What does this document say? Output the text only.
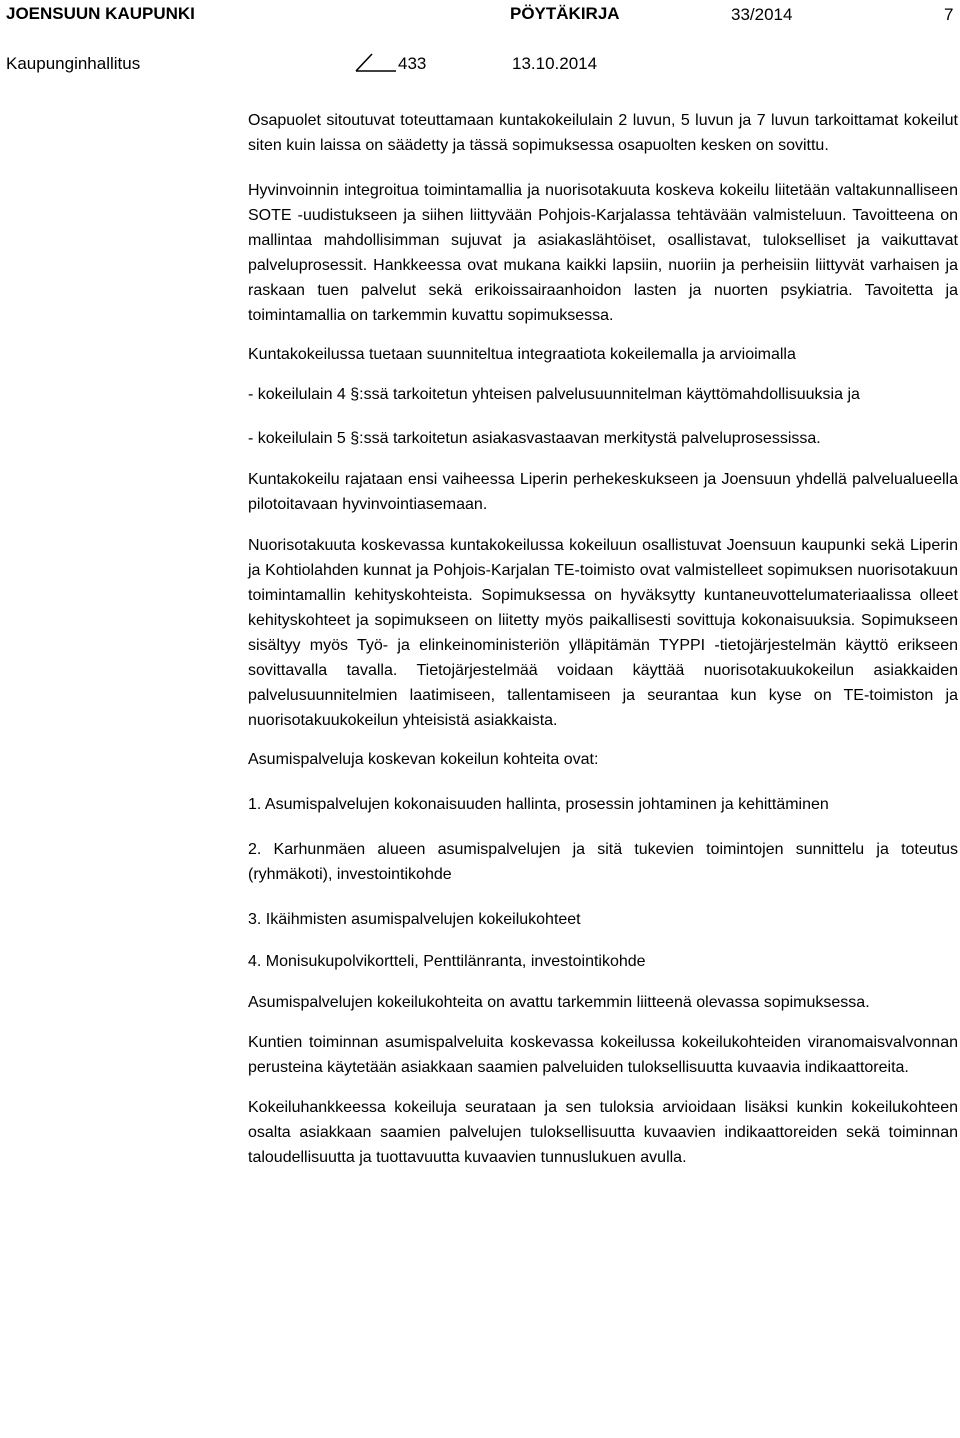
JOENSUUN KAUPUNKI	PÖYTÄKIRJA	33/2014	7
Kaupunginhallitus	433	13.10.2014

Osapuolet sitoutuvat toteuttamaan kuntakokeilulain 2 luvun, 5 luvun ja 7 luvun tarkoittamat kokeilut siten kuin laissa on säädetty ja tässä sopimuksessa osapuolten kesken on sovittu.

Hyvinvoinnin integroitua toimintamallia ja nuorisotakuuta koskeva kokeilu liitetään valtakunnalliseen SOTE -uudistukseen ja siihen liittyvään Pohjois-Karjalassa tehtävään valmisteluun. Tavoitteena on mallintaa mahdollisimman sujuvat ja asiakaslähtöiset, osallistavat, tulokselliset ja vaikuttavat palveluprosessit. Hankkeessa ovat mukana kaikki lapsiin, nuoriin ja perheisiin liittyvät varhaisen ja raskaan tuen palvelut sekä erikoissairaanhoidon lasten ja nuorten psykiatria. Tavoitetta ja toimintamallia on tarkemmin kuvattu sopimuksessa.

Kuntakokeilussa tuetaan suunniteltua integraatiota kokeilemalla ja arvioimalla

- kokeilulain 4 §:ssä tarkoitetun yhteisen palvelusuunnitelman käyttömahdollisuuksia ja

- kokeilulain 5 §:ssä tarkoitetun asiakasvastaavan merkitystä palveluprosessissa.

Kuntakokeilu rajataan ensi vaiheessa Liperin perhekeskukseen ja Joensuun yhdellä palvelualueella pilotoitavaan hyvinvointiasemaan.

Nuorisotakuuta koskevassa kuntakokeilussa kokeiluun osallistuvat Joensuun kaupunki sekä Liperin ja Kohtiolahden kunnat ja Pohjois-Karjalan TE-toimisto ovat valmistelleet sopimuksen nuorisotakuun toimintamallin kehityskohteista. Sopimuksessa on hyväksytty kuntaneuvottelumateriaalissa olleet kehityskohteet ja sopimukseen on liitetty myös paikallisesti sovittuja kokonaisuuksia. Sopimukseen sisältyy myös Työ- ja elinkeinoministeriön ylläpitämän TYPPI -tietojärjestelmän käyttö erikseen sovittavalla tavalla. Tietojärjestelmää voidaan käyttää nuorisotakuukokeilun asiakkaiden palvelusuunnitelmien laatimiseen, tallentamiseen ja seurantaa kun kyse on TE-toimiston ja nuorisotakuukokeilun yhteisistä asiakkaista.

Asumispalveluja koskevan kokeilun kohteita ovat:

1. Asumispalvelujen kokonaisuuden hallinta, prosessin johtaminen ja kehittäminen

2. Karhunmäen alueen asumispalvelujen ja sitä tukevien toimintojen sunnittelu ja toteutus (ryhmäkoti), investointikohde

3. Ikäihmisten asumispalvelujen kokeilukohteet

4. Monisukupolvikortteli, Penttilänranta, investointikohde

Asumispalvelujen kokeilukohteita on avattu tarkemmin liitteenä olevassa sopimuksessa.

Kuntien toiminnan asumispalveluita koskevassa kokeilussa kokeilukohteiden viranomaisvalvonnan perusteina käytetään asiakkaan saamien palveluiden tuloksellisuutta kuvaavia indikaattoreita.

Kokeiluhankkeessa kokeiluja seurataan ja sen tuloksia arvioidaan lisäksi kunkin kokeilukohteen osalta asiakkaan saamien palvelujen tuloksellisuutta kuvaavien indikaattoreiden sekä toiminnan taloudellisuutta ja tuottavuutta kuvaavien tunnuslukuen avulla.
